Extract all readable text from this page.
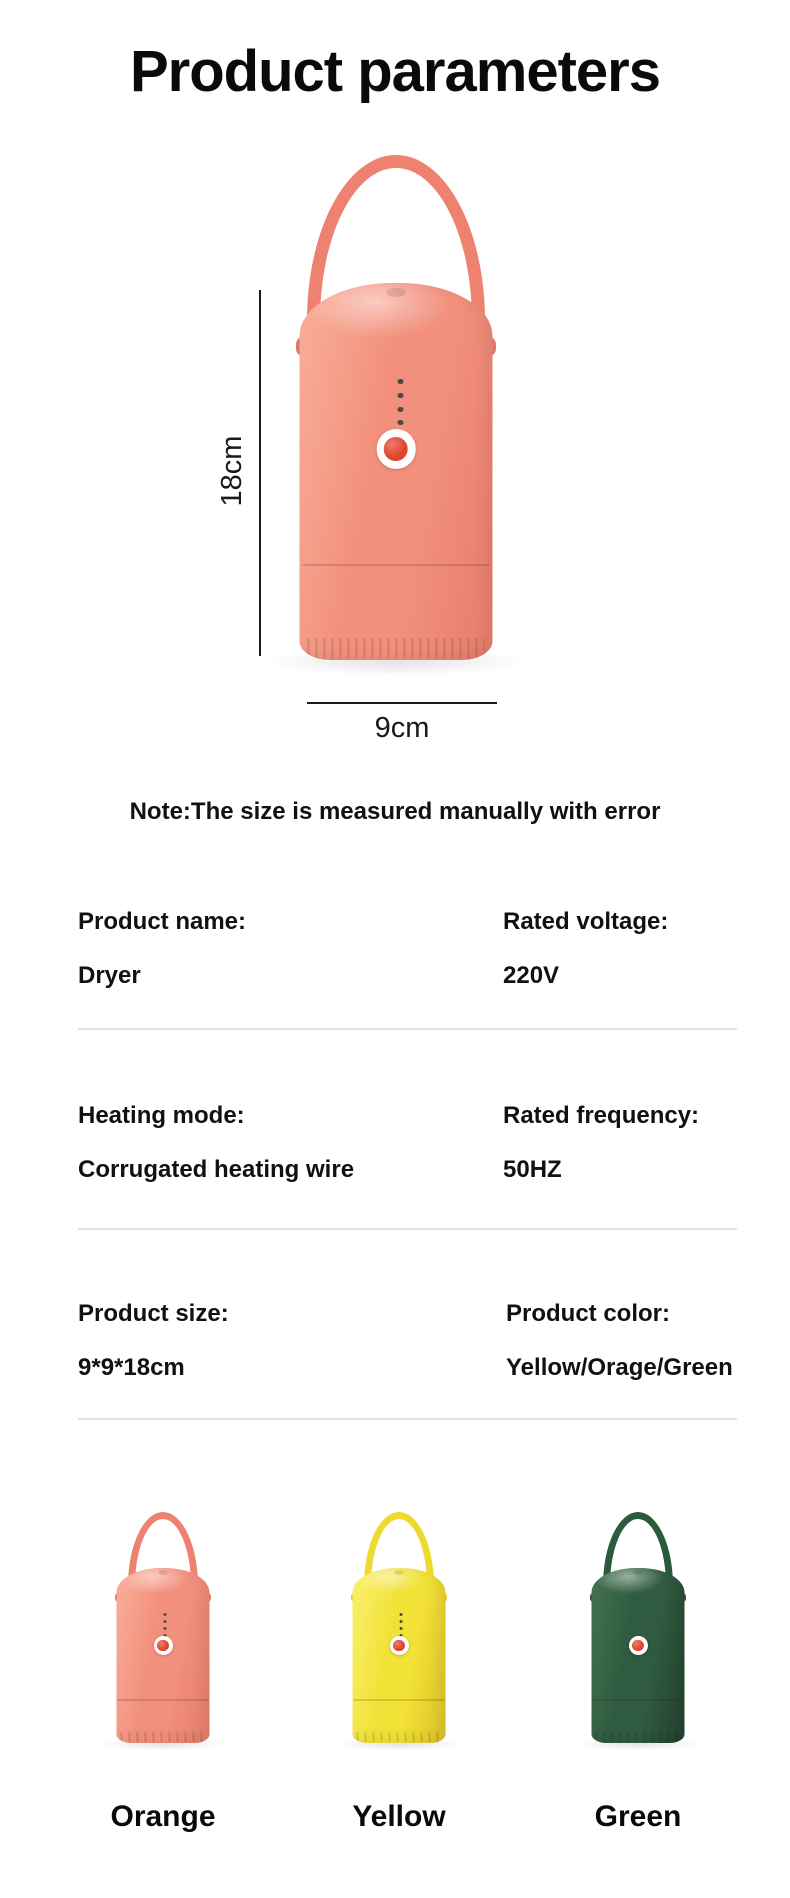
Product parameters
18cm
9cm
Note:The size is measured manually with error
Product name:
Dryer
Rated voltage:
220V
Heating mode:
Corrugated heating wire
Rated frequency:
50HZ
Product size:
9*9*18cm
Product color:
Yellow/Orage/Green
Orange	Yellow	Green
